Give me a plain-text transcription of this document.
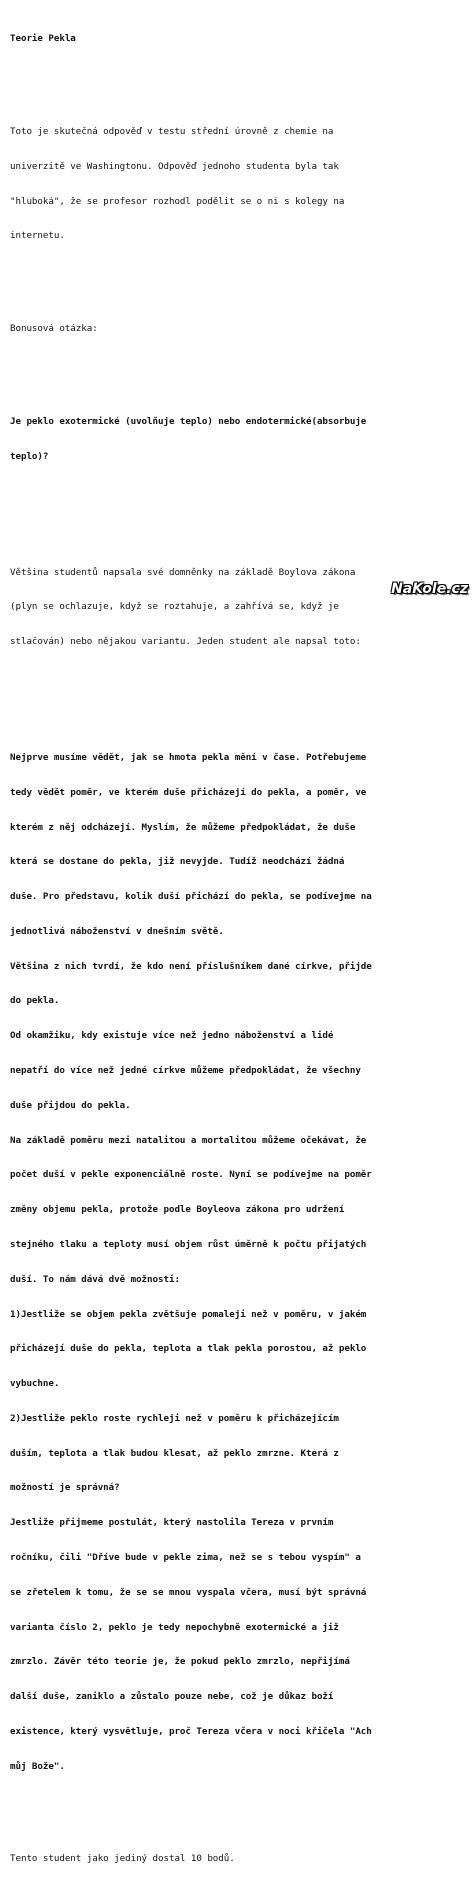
Teorie Pekla

Toto je skutečná odpověď v testu střední úrovně z chemie na

univerzitě ve Washingtonu. Odpověď jednoho studenta byla tak

"hluboká", že se profesor rozhodl podělit se o ni s kolegy na

internetu.

Bonusová otázka:

Je peklo exotermické (uvolňuje teplo) nebo endotermické(absorbuje

teplo)?

Většina studentů napsala své domněnky na základě Boylova zákona

(plyn se ochlazuje, když se roztahuje, a zahřívá se, když je

stlačován) nebo nějakou variantu. Jeden student ale napsal toto:

Nejprve musíme vědět, jak se hmota pekla mění v čase. Potřebujeme

tedy vědět poměr, ve kterém duše přicházejí do pekla, a poměr, ve

kterém z něj odcházejí. Myslím, že můžeme předpokládat, že duše

která se dostane do pekla, již nevyjde. Tudíž neodchází žádná

duše. Pro představu, kolik duší přichází do pekla, se podívejme na

jednotlivá náboženství v dnešním světě.

Většina z nich tvrdí, že kdo není příslušníkem dané církve, přijde

do pekla.

Od okamžiku, kdy existuje více než jedno náboženství a lidé

nepatří do více než jedné církve můžeme předpokládat, že všechny

duše přijdou do pekla.

Na základě poměru mezi natalitou a mortalitou můžeme očekávat, že

počet duší v pekle exponenciálně roste. Nyní se podívejme na poměr

změny objemu pekla, protože podle Boyleova zákona pro udržení

stejného tlaku a teploty musí objem růst úměrně k počtu přijatých

duší. To nám dává dvě možnosti:

1)Jestliže se objem pekla zvětšuje pomaleji než v poměru, v jakém

přicházejí duše do pekla, teplota a tlak pekla porostou, až peklo

vybuchne.

2)Jestliže peklo roste rychleji než v poměru k přicházejícím

duším, teplota a tlak budou klesat, až peklo zmrzne. Která z

možností je správná?

Jestliže přijmeme postulát, který nastolila Tereza v prvním

ročníku, čili "Dříve bude v pekle zima, než se s tebou vyspím" a

se zřetelem k tomu, že se se mnou vyspala včera, musí být správná

varianta číslo 2, peklo je tedy nepochybně exotermické a již

zmrzlo. Závěr této teorie je, že pokud peklo zmrzlo, nepřijímá

další duše, zaniklo a zůstalo pouze nebe, což je důkaz boží

existence, který vysvětluje, proč Tereza včera v noci křičela "Ach

můj Bože".

Tento student jako jediný dostal 10 bodů.

NaKole.cz
